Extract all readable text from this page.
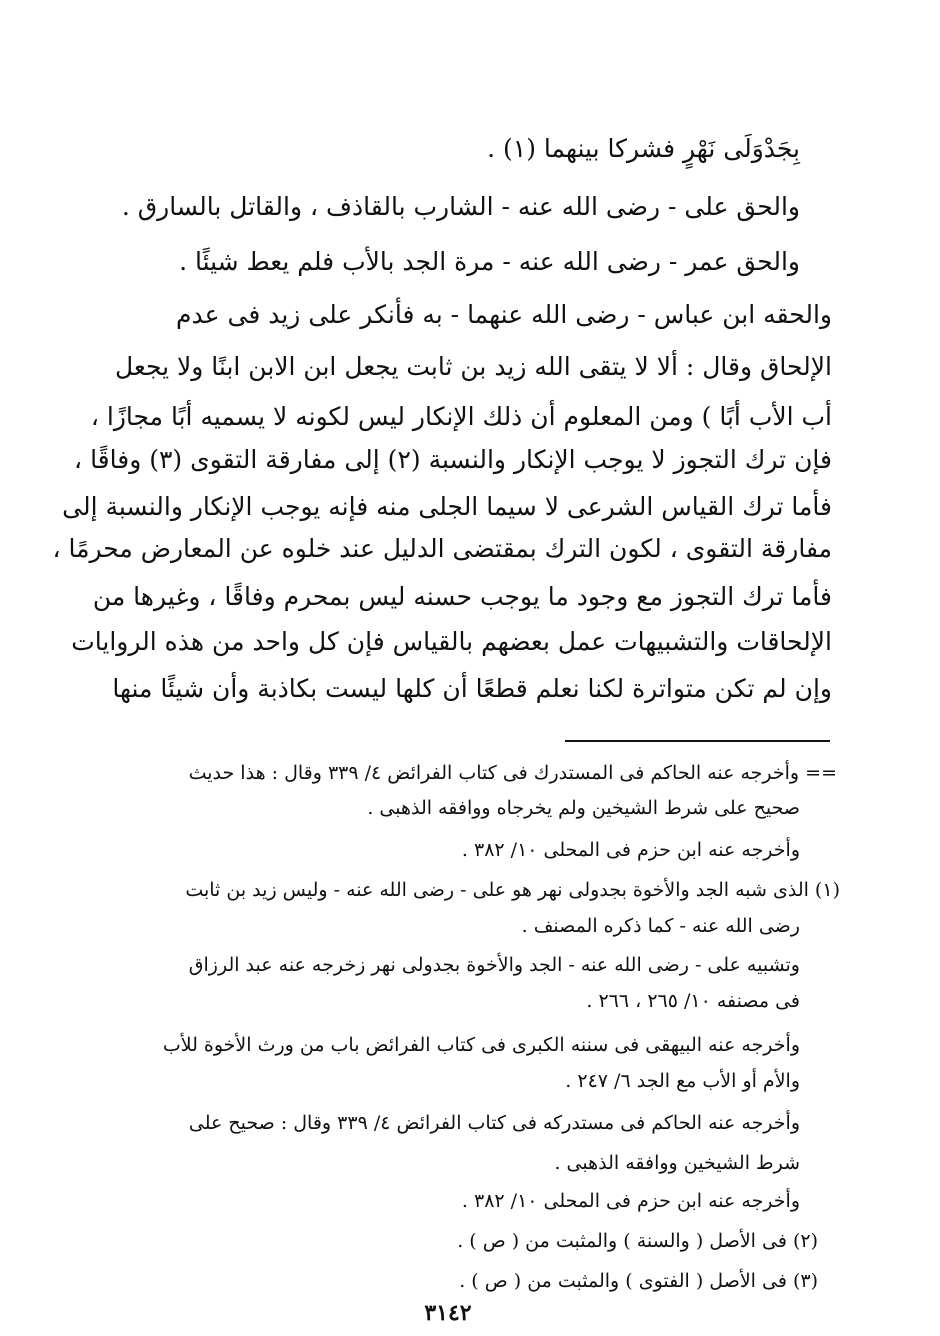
بِجَدْوَلَى نَهْرٍ فشركا بينهما (١) .
والحق على - رضى الله عنه - الشارب بالقاذف ، والقاتل بالسارق .
والحق عمر - رضى الله عنه - مرة الجد بالأب فلم يعط شيئًا .
والحقه ابن عباس - رضى الله عنهما - به فأنكر على زيد فى عدم
الإلحاق وقال : ألا لا يتقى الله زيد بن ثابت يجعل ابن الابن ابنًا ولا يجعل
أب الأب أبًا ) ومن المعلوم أن ذلك الإنكار ليس لكونه لا يسميه أبًا مجازًا ،
فإن ترك التجوز لا يوجب الإنكار والنسبة (٢) إلى مفارقة التقوى (٣) وفاقًا ،
فأما ترك القياس الشرعى لا سيما الجلى منه فإنه يوجب الإنكار والنسبة إلى
مفارقة التقوى ، لكون الترك بمقتضى الدليل عند خلوه عن المعارض محرمًا ،
فأما ترك التجوز مع وجود ما يوجب حسنه ليس بمحرم وفاقًا ، وغيرها من
الإلحاقات والتشبيهات عمل بعضهم بالقياس فإن كل واحد من هذه الروايات
وإن لم تكن متواترة لكنا نعلم قطعًا أن كلها ليست بكاذبة وأن شيئًا منها
== وأخرجه عنه الحاكم فى المستدرك فى كتاب الفرائض ٤/ ٣٣٩ وقال : هذا حديث
صحيح على شرط الشيخين ولم يخرجاه ووافقه الذهبى .
وأخرجه عنه ابن حزم فى المحلى ١٠/ ٣٨٢ .
(١) الذى شبه الجد والأخوة بجدولى نهر هو على - رضى الله عنه - وليس زيد بن ثابت
رضى الله عنه - كما ذكره المصنف .
وتشبيه على - رضى الله عنه - الجد والأخوة بجدولى نهر زخرجه عنه عبد الرزاق
فى مصنفه ١٠/ ٢٦٥ ، ٢٦٦ .
وأخرجه عنه البيهقى فى سننه الكبرى فى كتاب الفرائض باب من ورث الأخوة للأب
والأم أو الأب مع الجد ٦/ ٢٤٧ .
وأخرجه عنه الحاكم فى مستدركه فى كتاب الفرائض ٤/ ٣٣٩ وقال : صحيح على
شرط الشيخين ووافقه الذهبى .
وأخرجه عنه ابن حزم فى المحلى ١٠/ ٣٨٢ .
(٢) فى الأصل ( والسنة ) والمثبت من ( ص ) .
(٣) فى الأصل ( الفتوى ) والمثبت من ( ص ) .
٣١٤٢
